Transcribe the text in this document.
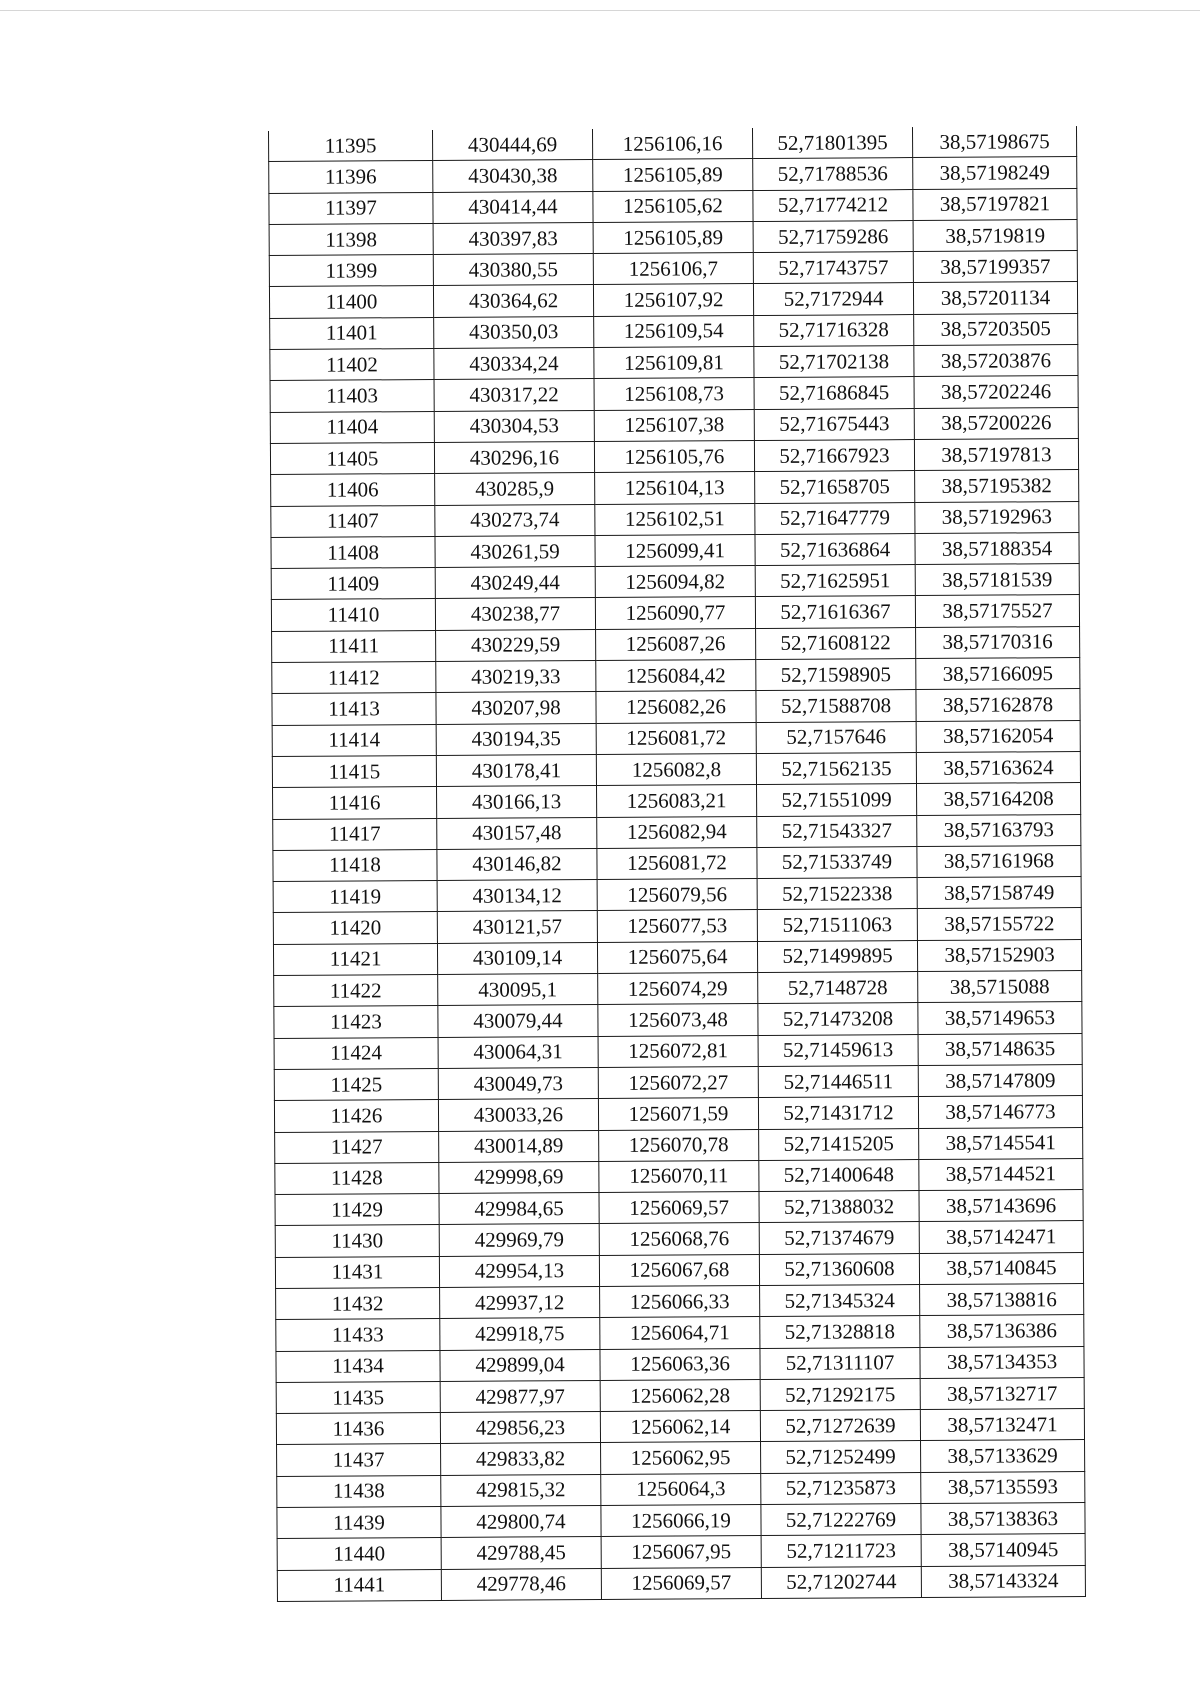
11395	430444,69	1256106,16	52,71801395	38,57198675
11396	430430,38	1256105,89	52,71788536	38,57198249
11397	430414,44	1256105,62	52,71774212	38,57197821
11398	430397,83	1256105,89	52,71759286	38,5719819
11399	430380,55	1256106,7	52,71743757	38,57199357
11400	430364,62	1256107,92	52,7172944	38,57201134
11401	430350,03	1256109,54	52,71716328	38,57203505
11402	430334,24	1256109,81	52,71702138	38,57203876
11403	430317,22	1256108,73	52,71686845	38,57202246
11404	430304,53	1256107,38	52,71675443	38,57200226
11405	430296,16	1256105,76	52,71667923	38,57197813
11406	430285,9	1256104,13	52,71658705	38,57195382
11407	430273,74	1256102,51	52,71647779	38,57192963
11408	430261,59	1256099,41	52,71636864	38,57188354
11409	430249,44	1256094,82	52,71625951	38,57181539
11410	430238,77	1256090,77	52,71616367	38,57175527
11411	430229,59	1256087,26	52,71608122	38,57170316
11412	430219,33	1256084,42	52,71598905	38,57166095
11413	430207,98	1256082,26	52,71588708	38,57162878
11414	430194,35	1256081,72	52,7157646	38,57162054
11415	430178,41	1256082,8	52,71562135	38,57163624
11416	430166,13	1256083,21	52,71551099	38,57164208
11417	430157,48	1256082,94	52,71543327	38,57163793
11418	430146,82	1256081,72	52,71533749	38,57161968
11419	430134,12	1256079,56	52,71522338	38,57158749
11420	430121,57	1256077,53	52,71511063	38,57155722
11421	430109,14	1256075,64	52,71499895	38,57152903
11422	430095,1	1256074,29	52,7148728	38,5715088
11423	430079,44	1256073,48	52,71473208	38,57149653
11424	430064,31	1256072,81	52,71459613	38,57148635
11425	430049,73	1256072,27	52,71446511	38,57147809
11426	430033,26	1256071,59	52,71431712	38,57146773
11427	430014,89	1256070,78	52,71415205	38,57145541
11428	429998,69	1256070,11	52,71400648	38,57144521
11429	429984,65	1256069,57	52,71388032	38,57143696
11430	429969,79	1256068,76	52,71374679	38,57142471
11431	429954,13	1256067,68	52,71360608	38,57140845
11432	429937,12	1256066,33	52,71345324	38,57138816
11433	429918,75	1256064,71	52,71328818	38,57136386
11434	429899,04	1256063,36	52,71311107	38,57134353
11435	429877,97	1256062,28	52,71292175	38,57132717
11436	429856,23	1256062,14	52,71272639	38,57132471
11437	429833,82	1256062,95	52,71252499	38,57133629
11438	429815,32	1256064,3	52,71235873	38,57135593
11439	429800,74	1256066,19	52,71222769	38,57138363
11440	429788,45	1256067,95	52,71211723	38,57140945
11441	429778,46	1256069,57	52,71202744	38,57143324
